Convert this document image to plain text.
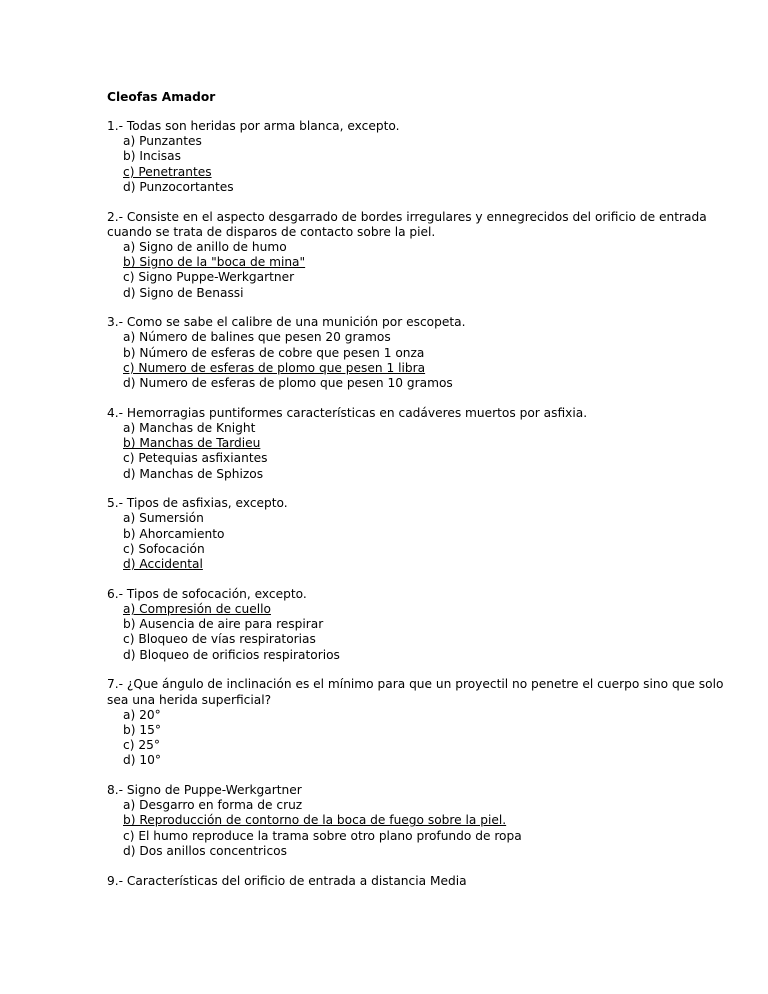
Cleofas Amador

1.- Todas son heridas por arma blanca, excepto.

a) Punzantes
b) Incisas
c) Penetrantes
d) Punzocortantes

2.- Consiste en el aspecto desgarrado de bordes irregulares y ennegrecidos del orificio de entrada cuando se trata de disparos de contacto sobre la piel.

a) Signo de anillo de humo
b) Signo de la "boca de mina"
c) Signo Puppe-Werkgartner
d) Signo de Benassi

3.- Como se sabe el calibre de una munición por escopeta.

a) Número de balines que pesen 20 gramos
b) Número de esferas de cobre que pesen 1 onza
c) Numero de esferas de plomo que pesen 1 libra
d) Numero de esferas de plomo que pesen 10 gramos

4.- Hemorragias puntiformes características en cadáveres muertos por asfixia.

a) Manchas de Knight
b) Manchas de Tardieu
c) Petequias asfixiantes
d) Manchas de Sphizos

5.- Tipos de asfixias, excepto.

a) Sumersión
b) Ahorcamiento
c) Sofocación
d) Accidental

6.- Tipos de sofocación, excepto.

a) Compresión de cuello
b) Ausencia de aire para respirar
c) Bloqueo de vías respiratorias
d) Bloqueo de orificios respiratorios

7.- ¿Que ángulo de inclinación es el mínimo para que un proyectil no penetre el cuerpo sino que solo sea una herida superficial?

a) 20°
b) 15°
c) 25°
d) 10°

8.- Signo de Puppe-Werkgartner

a) Desgarro en forma de cruz
b) Reproducción de contorno de la boca de fuego sobre la piel.
c) El humo reproduce la trama sobre otro plano profundo de ropa
d) Dos anillos concentricos

9.- Características del orificio de entrada a distancia Media
